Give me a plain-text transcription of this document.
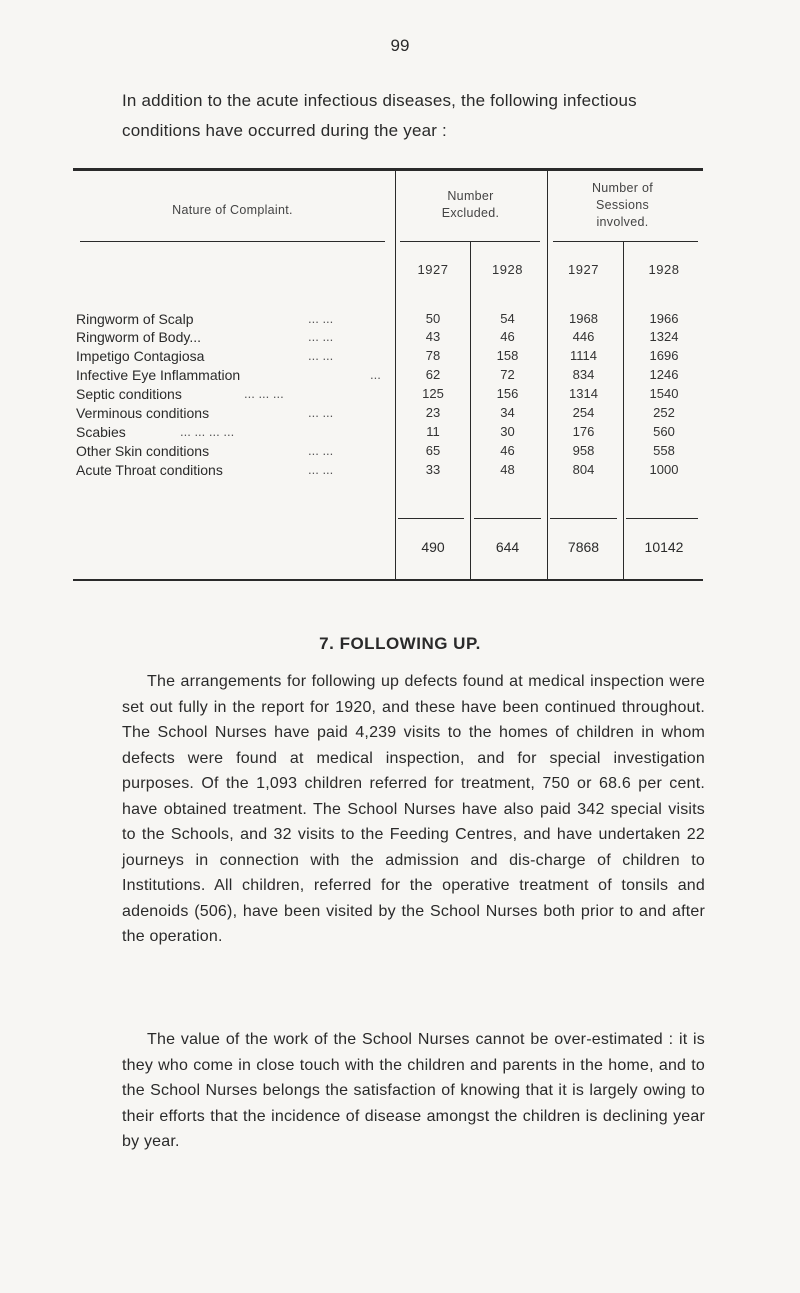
99
In addition to the acute infectious diseases, the following infectious conditions have occurred during the year :
Nature of Complaint.
Number Excluded.
Number of Sessions involved.
1927	1928	1927	1928
Ringworm of Scalp	... ...	50	54	1968	1966
Ringworm of Body...	... ...	43	46	446	1324
Impetigo Contagiosa	... ...	78	158	1114	1696
Infective Eye Inflammation	...	62	72	834	1246
Septic conditions	... ... ...	125	156	1314	1540
Verminous conditions	... ...	23	34	254	252
Scabies	... ... ... ...	11	30	176	560
Other Skin conditions	... ...	65	46	958	558
Acute Throat conditions	... ...	33	48	804	1000
490	644	7868	10142
7. FOLLOWING UP.
The arrangements for following up defects found at medical inspection were set out fully in the report for 1920, and these have been continued throughout. The School Nurses have paid 4,239 visits to the homes of children in whom defects were found at medical inspection, and for special investigation purposes. Of the 1,093 children referred for treatment, 750 or 68.6 per cent. have obtained treatment. The School Nurses have also paid 342 special visits to the Schools, and 32 visits to the Feeding Centres, and have undertaken 22 journeys in connection with the admission and dis-charge of children to Institutions. All children, referred for the operative treatment of tonsils and adenoids (506), have been visited by the School Nurses both prior to and after the operation.
The value of the work of the School Nurses cannot be over-estimated : it is they who come in close touch with the children and parents in the home, and to the School Nurses belongs the satisfaction of knowing that it is largely owing to their efforts that the incidence of disease amongst the children is declining year by year.
